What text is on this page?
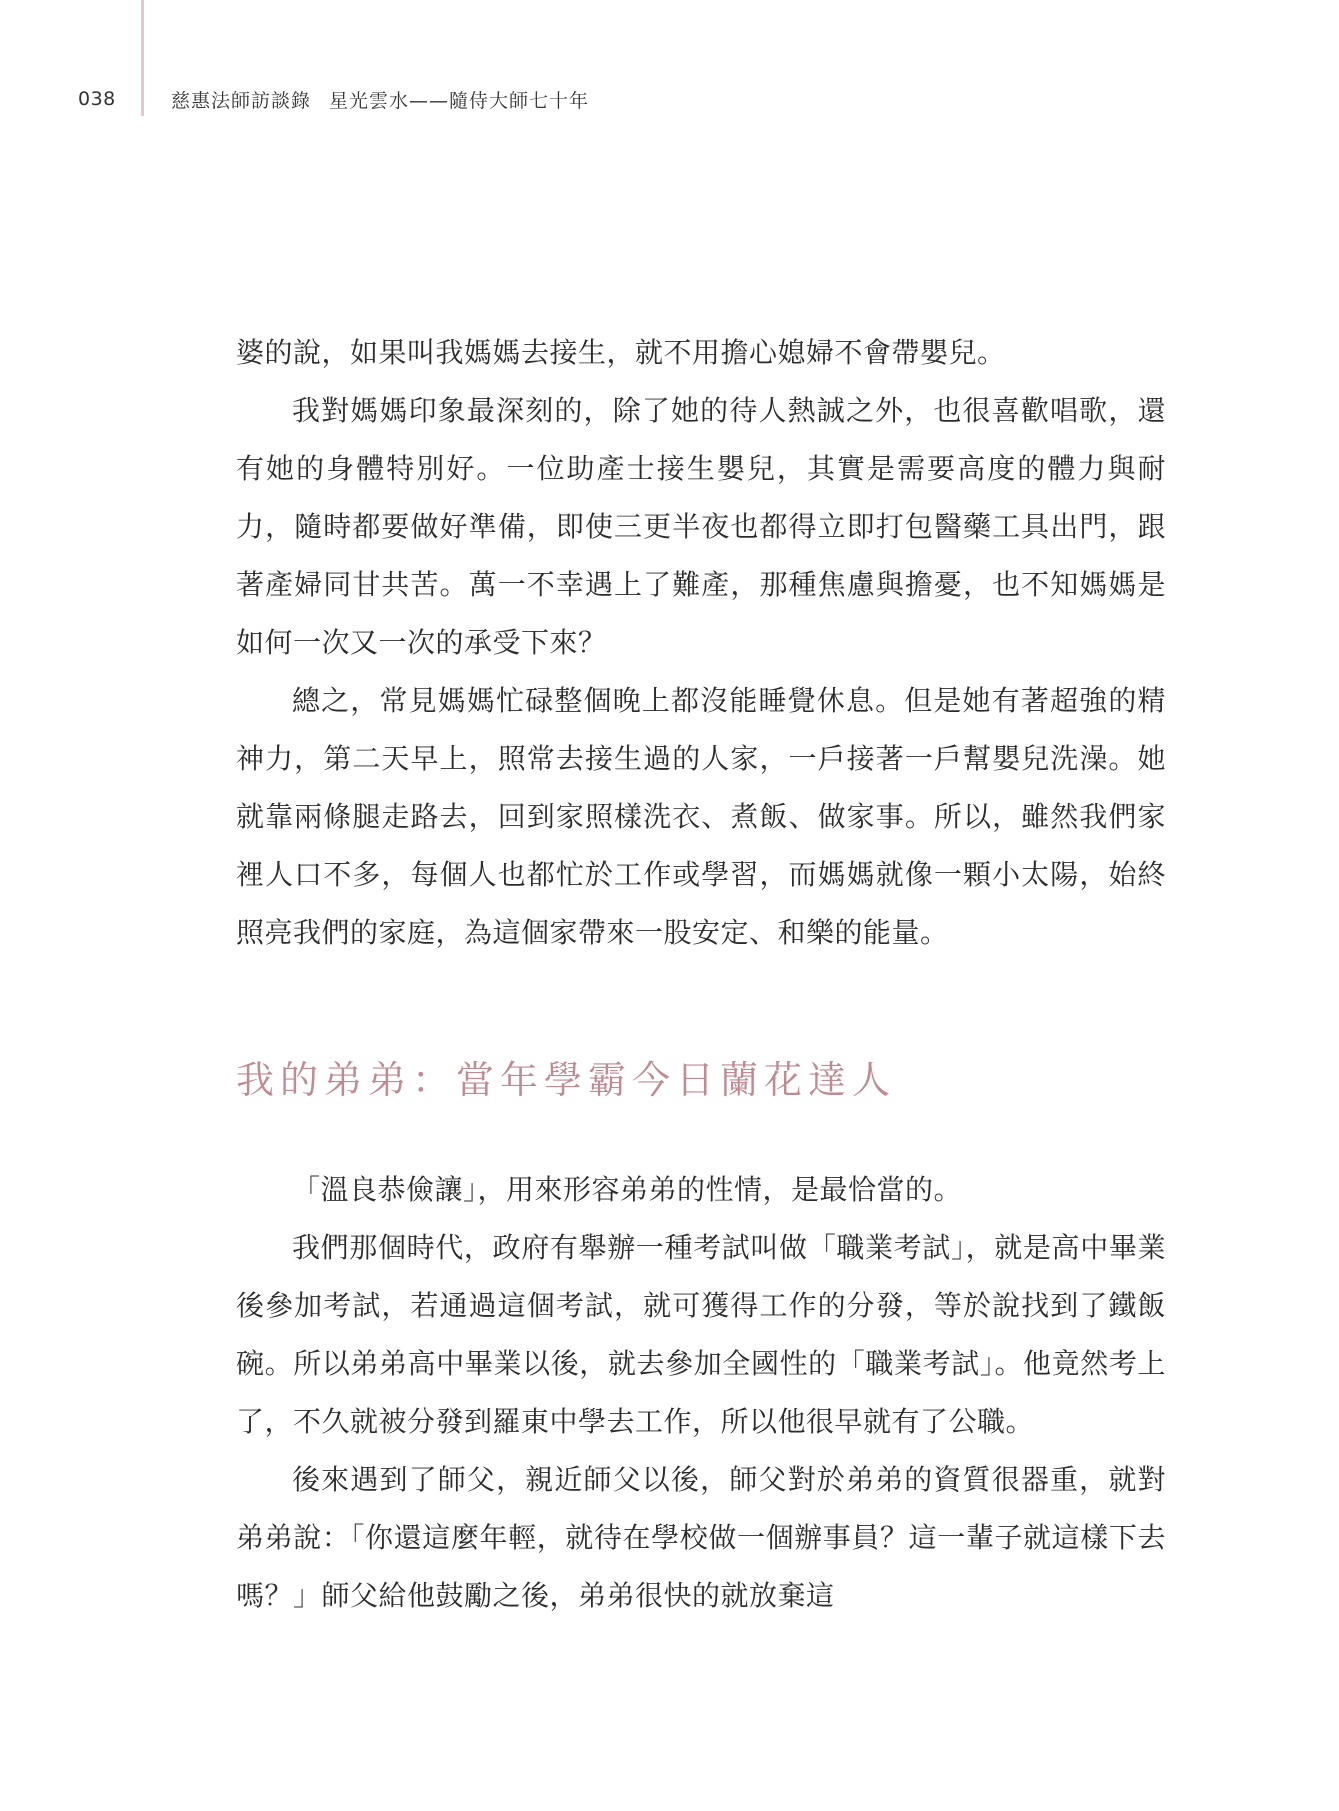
038	慈惠法師訪談錄 星光雲水——隨侍大師七十年

婆的說，如果叫我媽媽去接生，就不用擔心媳婦不會帶嬰兒。

我對媽媽印象最深刻的，除了她的待人熱誠之外，也很喜歡唱歌，還有她的身體特別好。一位助產士接生嬰兒，其實是需要高度的體力與耐力，隨時都要做好準備，即使三更半夜也都得立即打包醫藥工具出門，跟著產婦同甘共苦。萬一不幸遇上了難產，那種焦慮與擔憂，也不知媽媽是如何一次又一次的承受下來？

總之，常見媽媽忙碌整個晚上都沒能睡覺休息。但是她有著超強的精神力，第二天早上，照常去接生過的人家，一戶接著一戶幫嬰兒洗澡。她就靠兩條腿走路去，回到家照樣洗衣、煮飯、做家事。所以，雖然我們家裡人口不多，每個人也都忙於工作或學習，而媽媽就像一顆小太陽，始終照亮我們的家庭，為這個家帶來一股安定、和樂的能量。

我的弟弟：當年學霸今日蘭花達人

「溫良恭儉讓」，用來形容弟弟的性情，是最恰當的。

我們那個時代，政府有舉辦一種考試叫做「職業考試」，就是高中畢業後參加考試，若通過這個考試，就可獲得工作的分發，等於說找到了鐵飯碗。所以弟弟高中畢業以後，就去參加全國性的「職業考試」。他竟然考上了，不久就被分發到羅東中學去工作，所以他很早就有了公職。

後來遇到了師父，親近師父以後，師父對於弟弟的資質很器重，就對弟弟說：「你還這麼年輕，就待在學校做一個辦事員？這一輩子就這樣下去嗎？」師父給他鼓勵之後，弟弟很快的就放棄這
